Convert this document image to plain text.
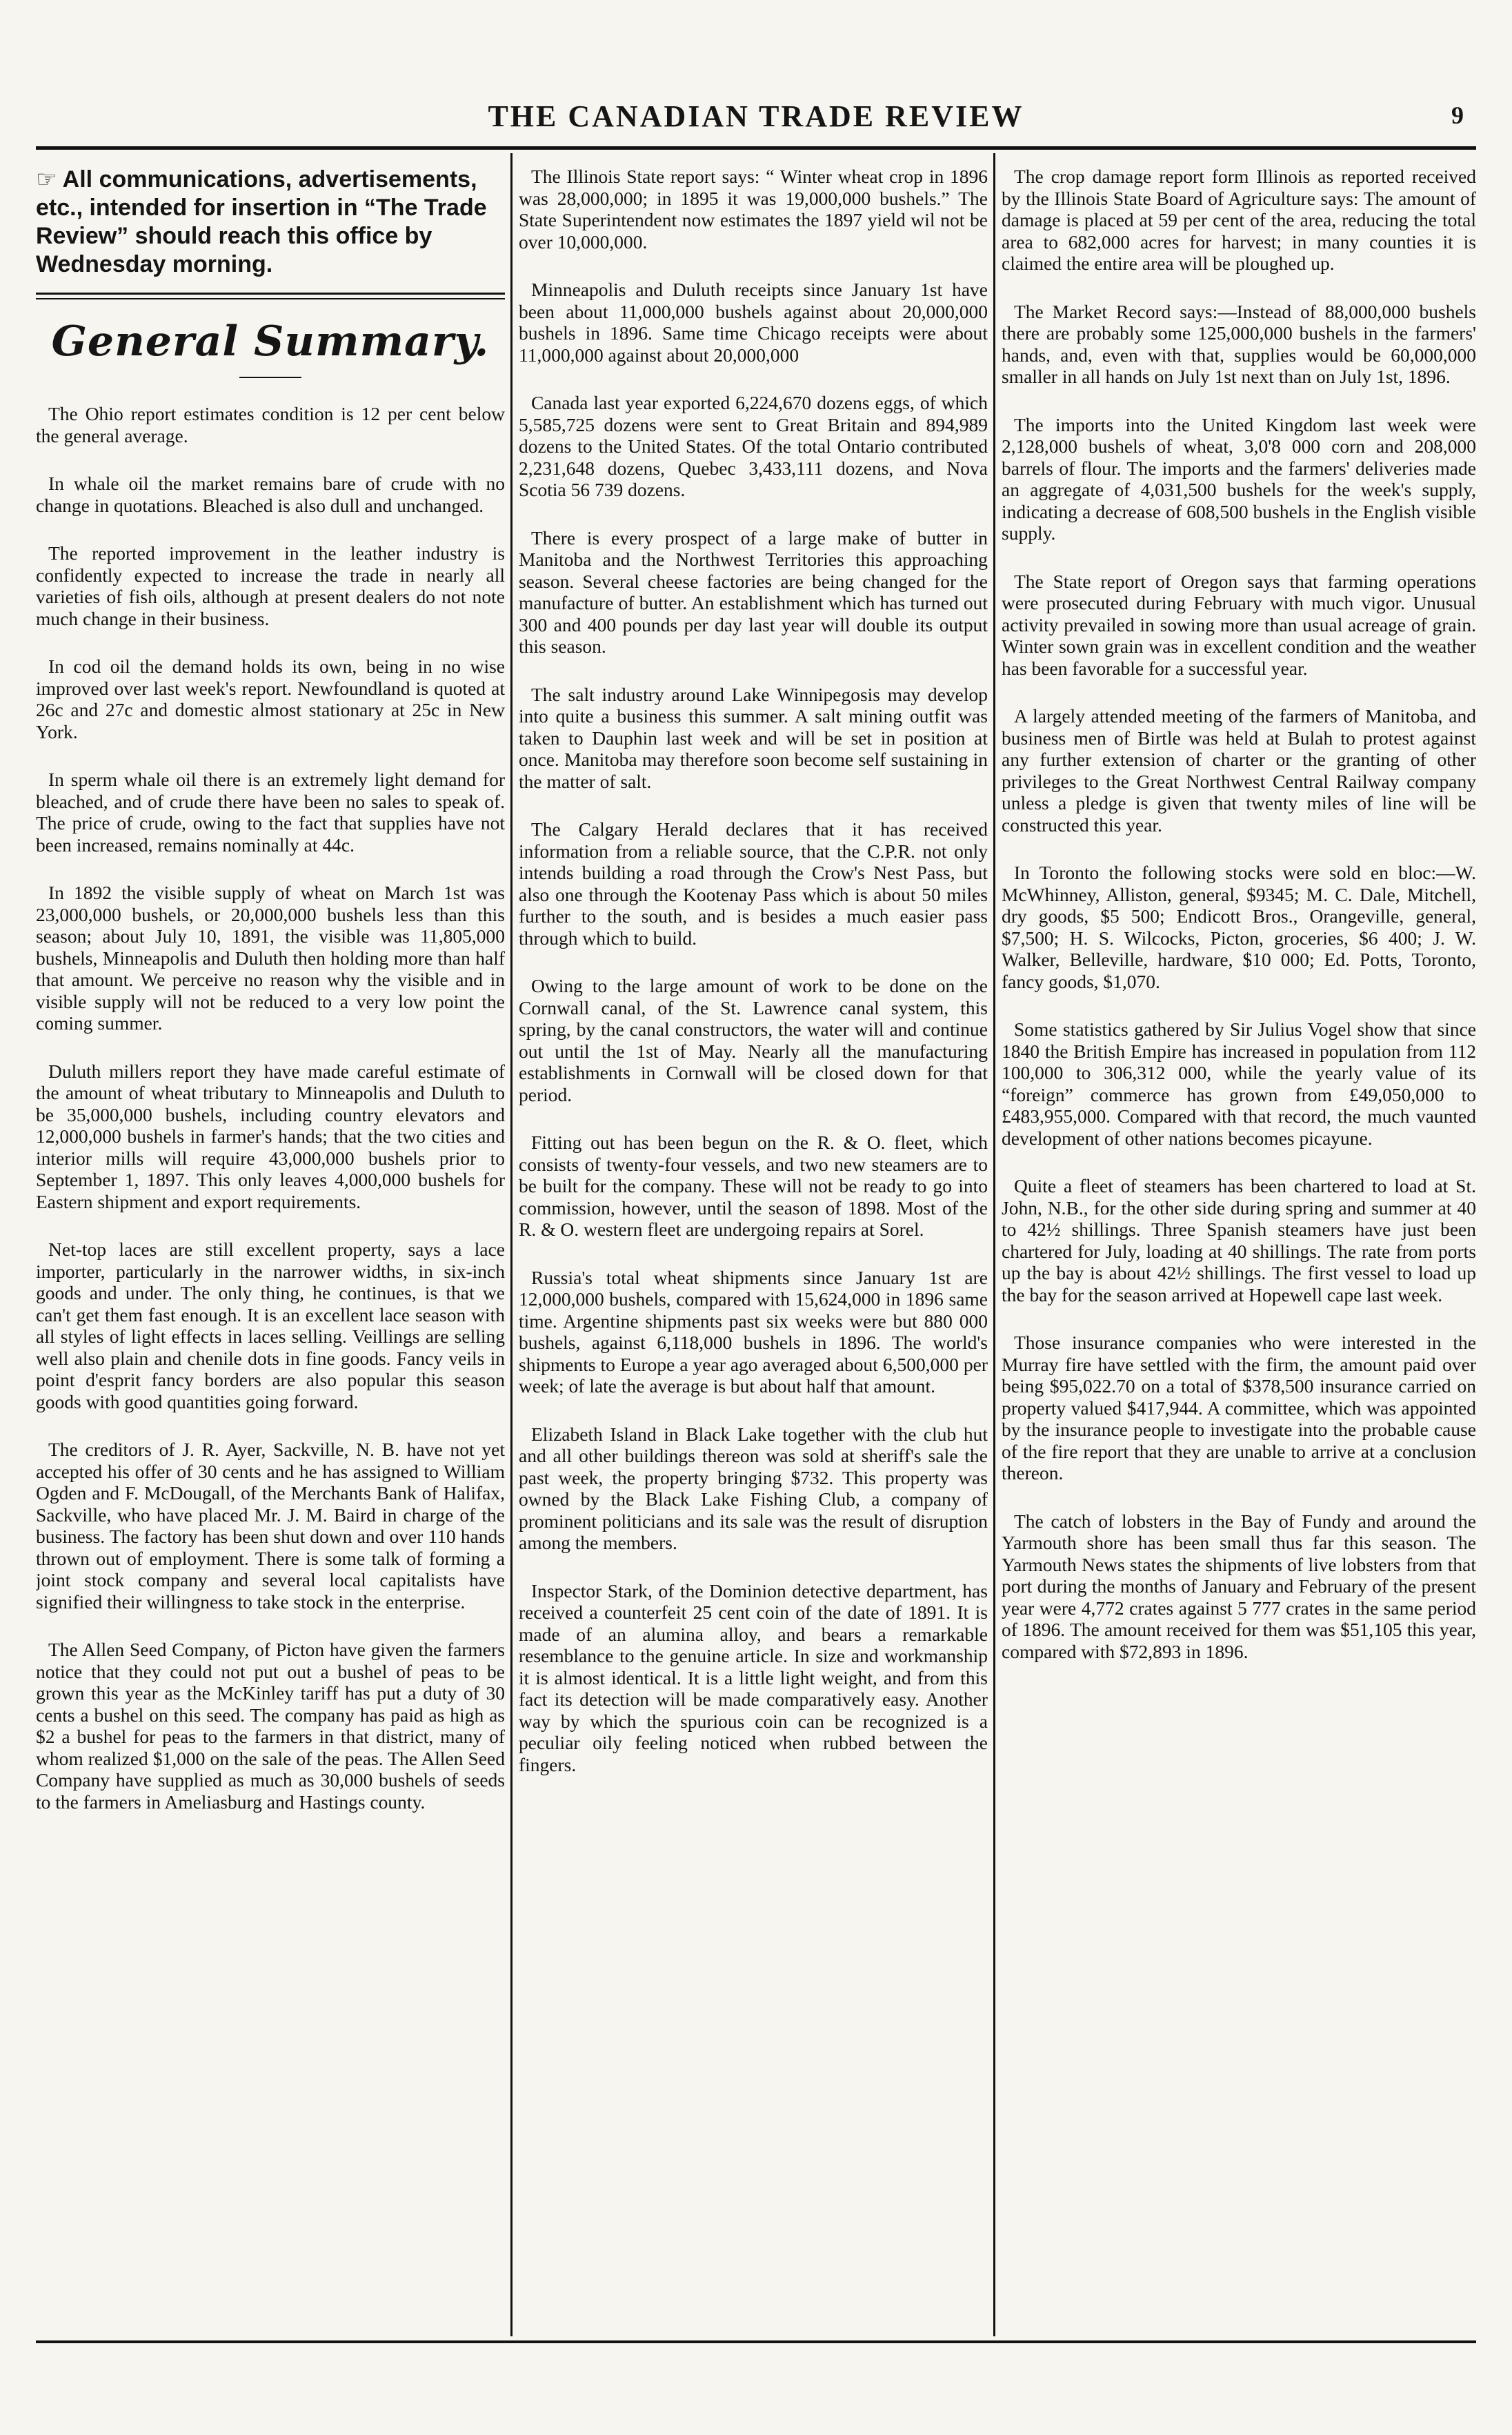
THE CANADIAN TRADE REVIEW	9
☞ All communications, advertisements, etc., intended for insertion in “The Trade Review” should reach this office by Wednesday morning.
General Summary.

The Ohio report estimates condition is 12 per cent below the general average.

In whale oil the market remains bare of crude with no change in quotations. Bleached is also dull and unchanged.

The reported improvement in the leather industry is confidently expected to increase the trade in nearly all varieties of fish oils, although at present dealers do not note much change in their business.

In cod oil the demand holds its own, being in no wise improved over last week's report. Newfoundland is quoted at 26c and 27c and domestic almost stationary at 25c in New York.

In sperm whale oil there is an extremely light demand for bleached, and of crude there have been no sales to speak of. The price of crude, owing to the fact that supplies have not been increased, remains nominally at 44c.

In 1892 the visible supply of wheat on March 1st was 23,000,000 bushels, or 20,000,000 bushels less than this season; about July 10, 1891, the visible was 11,805,000 bushels, Minneapolis and Duluth then holding more than half that amount. We perceive no reason why the visible and in visible supply will not be reduced to a very low point the coming summer.

Duluth millers report they have made careful estimate of the amount of wheat tributary to Minneapolis and Duluth to be 35,000,000 bushels, including country elevators and 12,000,000 bushels in farmer's hands; that the two cities and interior mills will require 43,000,000 bushels prior to September 1, 1897. This only leaves 4,000,000 bushels for Eastern shipment and export requirements.

Net-top laces are still excellent property, says a lace importer, particularly in the narrower widths, in six-inch goods and under. The only thing, he continues, is that we can't get them fast enough. It is an excellent lace season with all styles of light effects in laces selling. Veillings are selling well also plain and chenile dots in fine goods. Fancy veils in point d'esprit fancy borders are also popular this season goods with good quantities going forward.

The creditors of J. R. Ayer, Sackville, N. B. have not yet accepted his offer of 30 cents and he has assigned to William Ogden and F. McDougall, of the Merchants Bank of Halifax, Sackville, who have placed Mr. J. M. Baird in charge of the business. The factory has been shut down and over 110 hands thrown out of employment. There is some talk of forming a joint stock company and several local capitalists have signified their willingness to take stock in the enterprise.

The Allen Seed Company, of Picton have given the farmers notice that they could not put out a bushel of peas to be grown this year as the McKinley tariff has put a duty of 30 cents a bushel on this seed. The company has paid as high as $2 a bushel for peas to the farmers in that district, many of whom realized $1,000 on the sale of the peas. The Allen Seed Company have supplied as much as 30,000 bushels of seeds to the farmers in Ameliasburg and Hastings county.

The Illinois State report says: “ Winter wheat crop in 1896 was 28,000,000; in 1895 it was 19,000,000 bushels.” The State Superintendent now estimates the 1897 yield wil not be over 10,000,000.

Minneapolis and Duluth receipts since January 1st have been about 11,000,000 bushels against about 20,000,000 bushels in 1896. Same time Chicago receipts were about 11,000,000 against about 20,000,000

Canada last year exported 6,224,670 dozens eggs, of which 5,585,725 dozens were sent to Great Britain and 894,989 dozens to the United States. Of the total Ontario contributed 2,231,648 dozens, Quebec 3,433,111 dozens, and Nova Scotia 56 739 dozens.

There is every prospect of a large make of butter in Manitoba and the Northwest Territories this approaching season. Several cheese factories are being changed for the manufacture of butter. An establishment which has turned out 300 and 400 pounds per day last year will double its output this season.

The salt industry around Lake Winnipegosis may develop into quite a business this summer. A salt mining outfit was taken to Dauphin last week and will be set in position at once. Manitoba may therefore soon become self sustaining in the matter of salt.

The Calgary Herald declares that it has received information from a reliable source, that the C.P.R. not only intends building a road through the Crow's Nest Pass, but also one through the Kootenay Pass which is about 50 miles further to the south, and is besides a much easier pass through which to build.

Owing to the large amount of work to be done on the Cornwall canal, of the St. Lawrence canal system, this spring, by the canal constructors, the water will and continue out until the 1st of May. Nearly all the manufacturing establishments in Cornwall will be closed down for that period.

Fitting out has been begun on the R. & O. fleet, which consists of twenty-four vessels, and two new steamers are to be built for the company. These will not be ready to go into commission, however, until the season of 1898. Most of the R. & O. western fleet are undergoing repairs at Sorel.

Russia's total wheat shipments since January 1st are 12,000,000 bushels, compared with 15,624,000 in 1896 same time. Argentine shipments past six weeks were but 880 000 bushels, against 6,118,000 bushels in 1896. The world's shipments to Europe a year ago averaged about 6,500,000 per week; of late the average is but about half that amount.

Elizabeth Island in Black Lake together with the club hut and all other buildings thereon was sold at sheriff's sale the past week, the property bringing $732. This property was owned by the Black Lake Fishing Club, a company of prominent politicians and its sale was the result of disruption among the members.

Inspector Stark, of the Dominion detective department, has received a counterfeit 25 cent coin of the date of 1891. It is made of an alumina alloy, and bears a remarkable resemblance to the genuine article. In size and workmanship it is almost identical. It is a little light weight, and from this fact its detection will be made comparatively easy. Another way by which the spurious coin can be recognized is a peculiar oily feeling noticed when rubbed between the fingers.

The crop damage report form Illinois as reported received by the Illinois State Board of Agriculture says: The amount of damage is placed at 59 per cent of the area, reducing the total area to 682,000 acres for harvest; in many counties it is claimed the entire area will be ploughed up.

The Market Record says:—Instead of 88,000,000 bushels there are probably some 125,000,000 bushels in the farmers' hands, and, even with that, supplies would be 60,000,000 smaller in all hands on July 1st next than on July 1st, 1896.

The imports into the United Kingdom last week were 2,128,000 bushels of wheat, 3,0'8 000 corn and 208,000 barrels of flour. The imports and the farmers' deliveries made an aggregate of 4,031,500 bushels for the week's supply, indicating a decrease of 608,500 bushels in the English visible supply.

The State report of Oregon says that farming operations were prosecuted during February with much vigor. Unusual activity prevailed in sowing more than usual acreage of grain. Winter sown grain was in excellent condition and the weather has been favorable for a successful year.

A largely attended meeting of the farmers of Manitoba, and business men of Birtle was held at Bulah to protest against any further extension of charter or the granting of other privileges to the Great Northwest Central Railway company unless a pledge is given that twenty miles of line will be constructed this year.

In Toronto the following stocks were sold en bloc:—W. McWhinney, Alliston, general, $9345; M. C. Dale, Mitchell, dry goods, $5 500; Endicott Bros., Orangeville, general, $7,500; H. S. Wilcocks, Picton, groceries, $6 400; J. W. Walker, Belleville, hardware, $10 000; Ed. Potts, Toronto, fancy goods, $1,070.

Some statistics gathered by Sir Julius Vogel show that since 1840 the British Empire has increased in population from 112 100,000 to 306,312 000, while the yearly value of its “foreign” commerce has grown from £49,050,000 to £483,955,000. Compared with that record, the much vaunted development of other nations becomes picayune.

Quite a fleet of steamers has been chartered to load at St. John, N.B., for the other side during spring and summer at 40 to 42½ shillings. Three Spanish steamers have just been chartered for July, loading at 40 shillings. The rate from ports up the bay is about 42½ shillings. The first vessel to load up the bay for the season arrived at Hopewell cape last week.

Those insurance companies who were interested in the Murray fire have settled with the firm, the amount paid over being $95,022.70 on a total of $378,500 insurance carried on property valued $417,944. A committee, which was appointed by the insurance people to investigate into the probable cause of the fire report that they are unable to arrive at a conclusion thereon.

The catch of lobsters in the Bay of Fundy and around the Yarmouth shore has been small thus far this season. The Yarmouth News states the shipments of live lobsters from that port during the months of January and February of the present year were 4,772 crates against 5 777 crates in the same period of 1896. The amount received for them was $51,105 this year, compared with $72,893 in 1896.
